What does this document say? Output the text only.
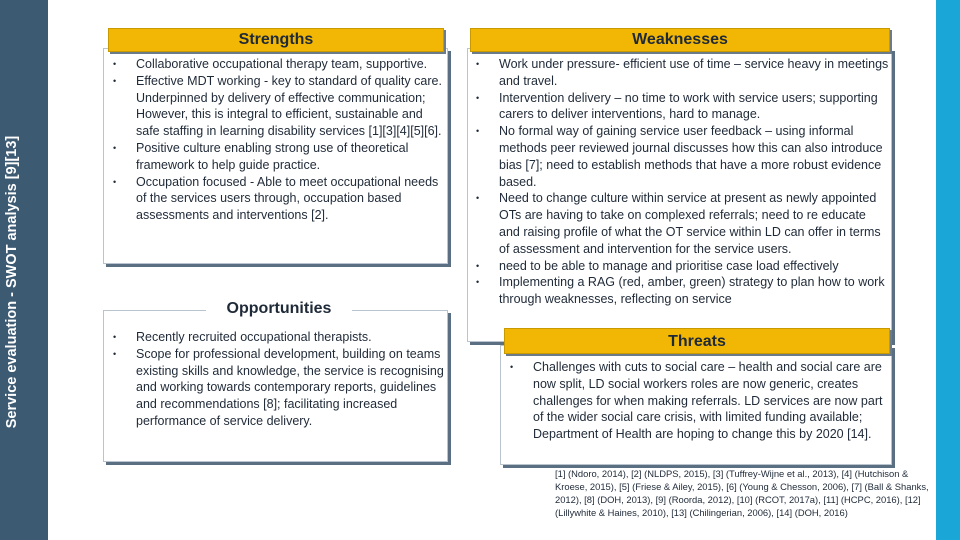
Service evaluation - SWOT analysis [9][13]
Strengths
• Collaborative occupational therapy team, supportive.
• Effective MDT working - key to standard of quality care. Underpinned by delivery of effective communication; However, this is integral to efficient, sustainable and safe staffing in learning disability services [1][3][4][5][6].
• Positive culture enabling strong use of theoretical framework to help guide practice.
• Occupation focused - Able to meet occupational needs of the services users through, occupation based assessments and interventions [2].
Weaknesses
• Work under pressure- efficient use of time – service heavy in meetings and travel.
• Intervention delivery – no time to work with service users; supporting carers to deliver interventions, hard to manage.
• No formal way of gaining service user feedback – using informal methods peer reviewed journal discusses how this can also introduce bias [7]; need to establish methods that have a more robust evidence based.
• Need to change culture within service at present as newly appointed OTs are having to take on complexed referrals; need to re educate and raising profile of what the OT service within LD can offer in terms of assessment and intervention for the service users.
• need to be able to manage and prioritise case load effectively
• Implementing a RAG (red, amber, green) strategy to plan how to work through weaknesses, reflecting on service
Opportunities
• Recently recruited occupational therapists.
• Scope for professional development, building on teams existing skills and knowledge, the service is recognising and working towards contemporary reports, guidelines and recommendations [8]; facilitating increased performance of service delivery.
Threats
• Challenges with cuts to social care – health and social care are now split, LD social workers roles are now generic, creates challenges for when making referrals. LD services are now part of the wider social care crisis, with limited funding available; Department of Health are hoping to change this by 2020 [14].
[1] (Ndoro, 2014), [2] (NLDPS, 2015), [3] (Tuffrey-Wijne et al., 2013), [4] (Hutchison & Kroese, 2015), [5] (Friese & Ailey, 2015), [6] (Young & Chesson, 2006), [7] (Ball & Shanks, 2012), [8] (DOH, 2013), [9] (Roorda, 2012), [10] (RCOT, 2017a), [11] (HCPC, 2016), [12] (Lillywhite & Haines, 2010), [13] (Chilingerian, 2006), [14] (DOH, 2016)
